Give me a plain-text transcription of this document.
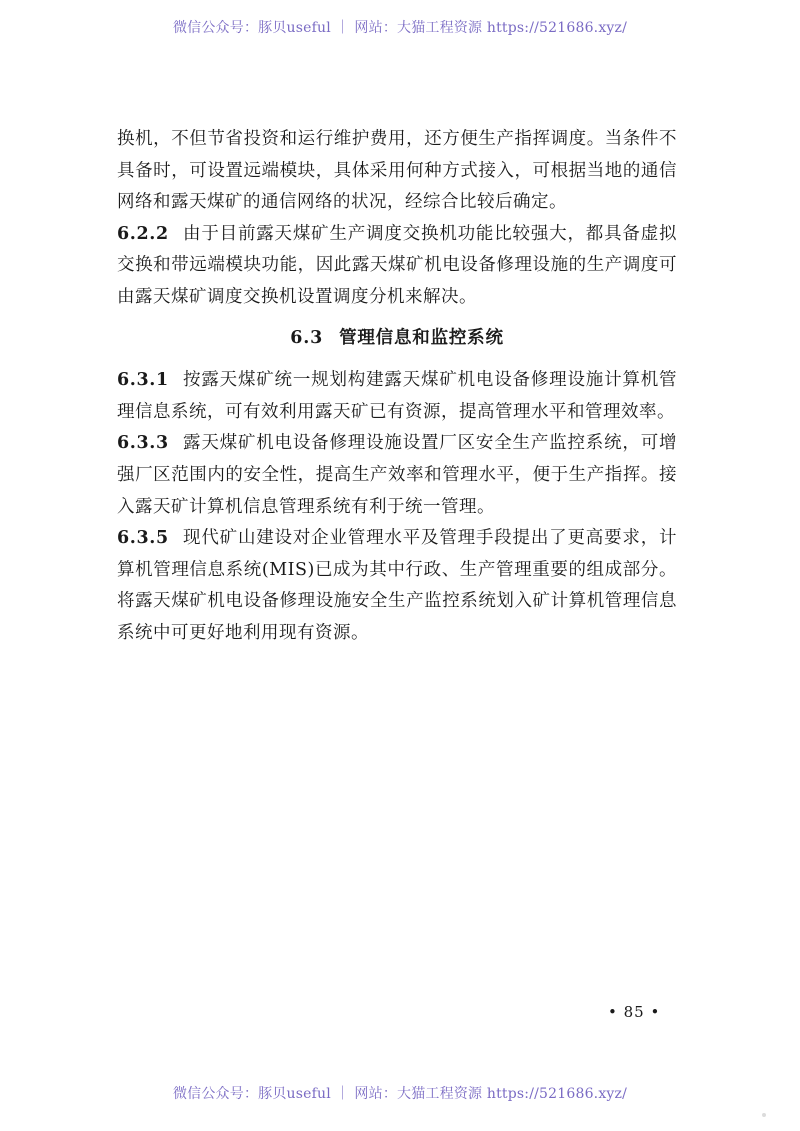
微信公众号：豚贝useful ｜ 网站：大猫工程资源 https://521686.xyz/

换机，不但节省投资和运行维护费用，还方便生产指挥调度。当条件不具备时，可设置远端模块，具体采用何种方式接入，可根据当地的通信网络和露天煤矿的通信网络的状况，经综合比较后确定。

6.2.2 由于目前露天煤矿生产调度交换机功能比较强大，都具备虚拟交换和带远端模块功能，因此露天煤矿机电设备修理设施的生产调度可由露天煤矿调度交换机设置调度分机来解决。

6.3 管理信息和监控系统

6.3.1 按露天煤矿统一规划构建露天煤矿机电设备修理设施计算机管理信息系统，可有效利用露天矿已有资源，提高管理水平和管理效率。

6.3.3 露天煤矿机电设备修理设施设置厂区安全生产监控系统，可增强厂区范围内的安全性，提高生产效率和管理水平，便于生产指挥。接入露天矿计算机信息管理系统有利于统一管理。

6.3.5 现代矿山建设对企业管理水平及管理手段提出了更高要求，计算机管理信息系统(MIS)已成为其中行政、生产管理重要的组成部分。将露天煤矿机电设备修理设施安全生产监控系统划入矿计算机管理信息系统中可更好地利用现有资源。

• 85 •
微信公众号：豚贝useful ｜ 网站：大猫工程资源 https://521686.xyz/
